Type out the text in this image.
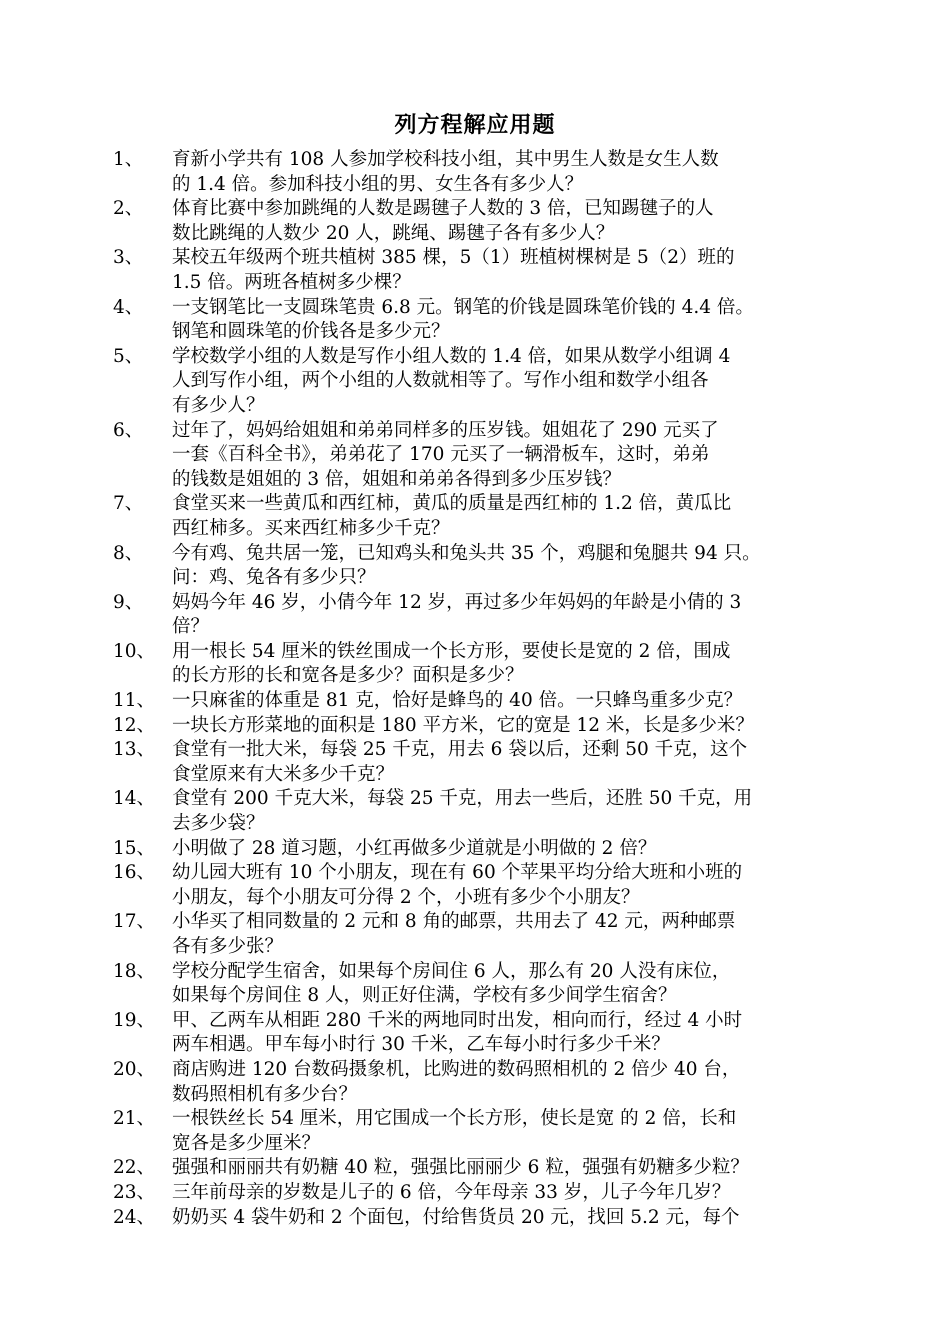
列方程解应用题
1、	育新小学共有 108 人参加学校科技小组，其中男生人数是女生人数
的 1.4 倍。参加科技小组的男、女生各有多少人？
2、	体育比赛中参加跳绳的人数是踢毽子人数的 3 倍，已知踢毽子的人
数比跳绳的人数少 20 人，跳绳、踢毽子各有多少人？
3、	某校五年级两个班共植树 385 棵，5（1）班植树棵树是 5（2）班的
1.5 倍。两班各植树多少棵？
4、	一支钢笔比一支圆珠笔贵 6.8 元。钢笔的价钱是圆珠笔价钱的 4.4 倍。
钢笔和圆珠笔的价钱各是多少元？
5、	学校数学小组的人数是写作小组人数的 1.4 倍，如果从数学小组调 4
人到写作小组，两个小组的人数就相等了。写作小组和数学小组各
有多少人？
6、	过年了，妈妈给姐姐和弟弟同样多的压岁钱。姐姐花了 290 元买了
一套《百科全书》，弟弟花了 170 元买了一辆滑板车，这时，弟弟
的钱数是姐姐的 3 倍，姐姐和弟弟各得到多少压岁钱？
7、	食堂买来一些黄瓜和西红柿，黄瓜的质量是西红柿的 1.2 倍，黄瓜比
西红柿多。买来西红柿多少千克？
8、	今有鸡、兔共居一笼，已知鸡头和兔头共 35 个，鸡腿和兔腿共 94 只。
问：鸡、兔各有多少只？
9、	妈妈今年 46 岁，小倩今年 12 岁，再过多少年妈妈的年龄是小倩的 3
倍？
10、 用一根长 54 厘米的铁丝围成一个长方形，要使长是宽的 2 倍，围成
的长方形的长和宽各是多少？面积是多少？
11、 一只麻雀的体重是 81 克，恰好是蜂鸟的 40 倍。一只蜂鸟重多少克？
12、 一块长方形菜地的面积是 180 平方米，它的宽是 12 米，长是多少米？
13、 食堂有一批大米，每袋 25 千克，用去 6 袋以后，还剩 50 千克，这个
食堂原来有大米多少千克？
14、 食堂有 200 千克大米，每袋 25 千克，用去一些后，还胜 50 千克，用
去多少袋？
15、 小明做了 28 道习题，小红再做多少道就是小明做的 2 倍？
16、 幼儿园大班有 10 个小朋友，现在有 60 个苹果平均分给大班和小班的
小朋友，每个小朋友可分得 2 个，小班有多少个小朋友？
17、 小华买了相同数量的 2 元和 8 角的邮票，共用去了 42 元，两种邮票
各有多少张？
18、 学校分配学生宿舍，如果每个房间住 6 人，那么有 20 人没有床位，
如果每个房间住 8 人，则正好住满，学校有多少间学生宿舍？
19、 甲、乙两车从相距 280 千米的两地同时出发，相向而行，经过 4 小时
两车相遇。甲车每小时行 30 千米，乙车每小时行多少千米？
20、 商店购进 120 台数码摄象机，比购进的数码照相机的 2 倍少 40 台，
数码照相机有多少台？
21、 一根铁丝长 54 厘米，用它围成一个长方形，使长是宽 的 2 倍，长和
宽各是多少厘米？
22、 强强和丽丽共有奶糖 40 粒，强强比丽丽少 6 粒，强强有奶糖多少粒？
23、 三年前母亲的岁数是儿子的 6 倍，今年母亲 33 岁，儿子今年几岁？
24、 奶奶买 4 袋牛奶和 2 个面包，付给售货员 20 元，找回 5.2 元，每个
